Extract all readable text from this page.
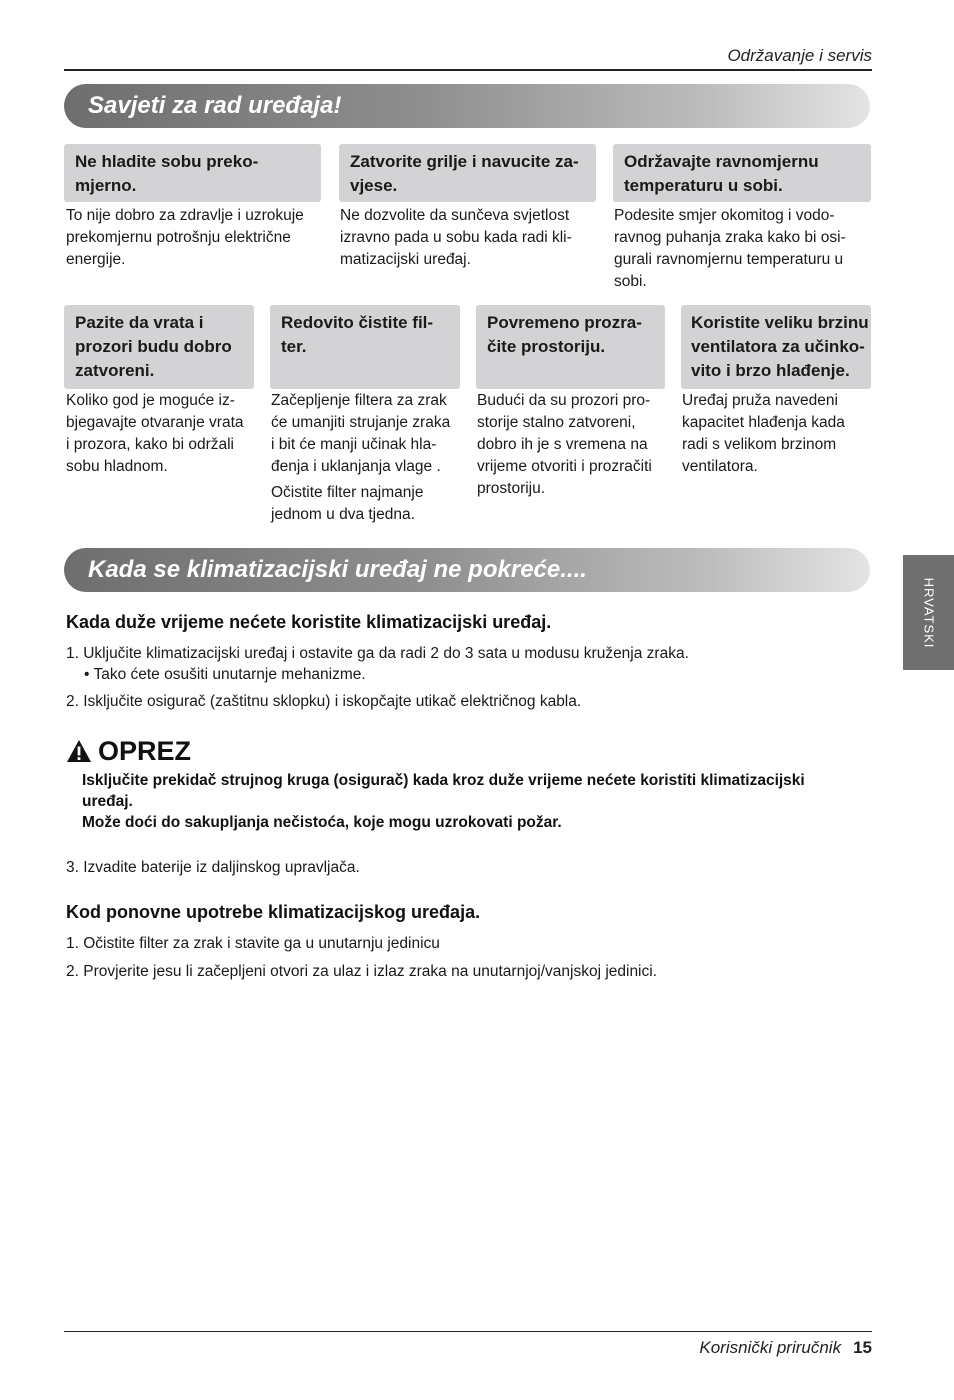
Održavanje i servis
Savjeti za rad uređaja!
Ne hladite sobu preko-
mjerno.
To nije dobro za zdravlje i uzrokuje
prekomjernu potrošnju električne
energije.
Zatvorite grilje i navucite za-
vjese.
Ne dozvolite da sunčeva svjetlost
izravno pada u sobu kada radi kli-
matizacijski uređaj.
Održavajte ravnomjernu
temperaturu u sobi.
Podesite smjer okomitog i vodo-
ravnog puhanja zraka kako bi osi-
gurali ravnomjernu temperaturu u
sobi.
Pazite da vrata i
prozori budu dobro
zatvoreni.
Koliko god je moguće iz-
bjegavajte otvaranje vrata
i prozora, kako bi održali
sobu hladnom.
Redovito čistite fil-
ter.
Začepljenje filtera za zrak
će umanjiti strujanje zraka
i bit će manji učinak hla-
đenja i uklanjanja vlage .
Očistite filter najmanje
jednom u dva tjedna.
Povremeno prozra-
čite prostoriju.
Budući da su prozori pro-
storije stalno zatvoreni,
dobro ih je s vremena na
vrijeme otvoriti i prozračiti
prostoriju.
Koristite veliku brzinu
ventilatora za učinko-
vito i brzo hlađenje.
Uređaj pruža navedeni
kapacitet hlađenja kada
radi s velikom brzinom
ventilatora.
Kada se klimatizacijski uređaj ne pokreće....
HRVATSKI
Kada duže vrijeme nećete koristite klimatizacijski uređaj.
1. Uključite klimatizacijski uređaj i ostavite ga da radi 2 do 3 sata u modusu kruženja zraka.
• Tako ćete osušiti unutarnje mehanizme.
2. Isključite osigurač (zaštitnu sklopku) i iskopčajte utikač električnog kabla.
OPREZ
Isključite prekidač strujnog kruga (osigurač) kada kroz duže vrijeme nećete koristiti klimatizacijski
uređaj.
Može doći do sakupljanja nečistoća, koje mogu uzrokovati požar.
3. Izvadite baterije iz daljinskog upravljača.
Kod ponovne upotrebe klimatizacijskog uređaja.
1. Očistite filter za zrak i stavite ga u unutarnju jedinicu
2. Provjerite jesu li začepljeni otvori za ulaz i izlaz zraka na unutarnjoj/vanjskoj jedinici.
Korisnički priručnik 15
